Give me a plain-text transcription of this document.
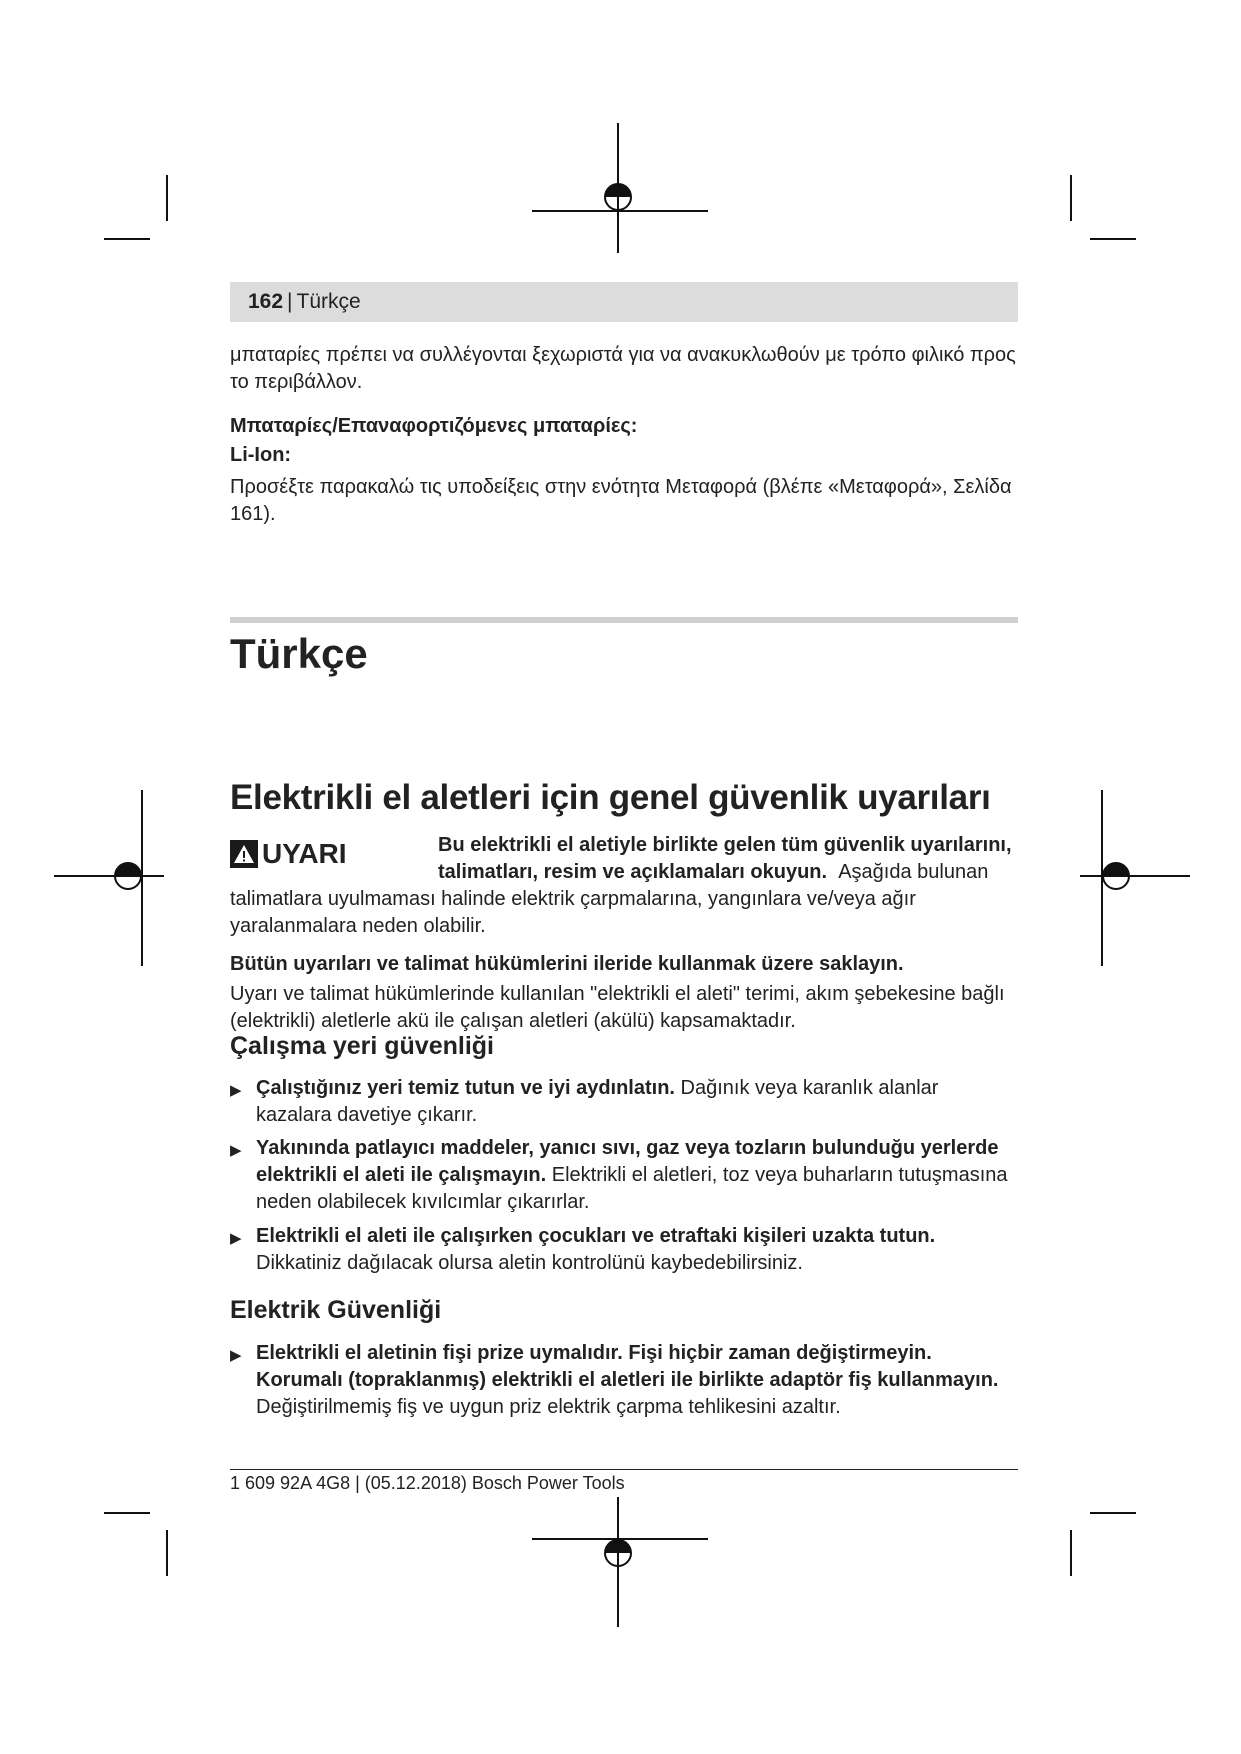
162 | Türkçe

μπαταρίες πρέπει να συλλέγονται ξεχωριστά για να ανακυκλωθούν με τρόπο φιλικό προς το περιβάλλον.

Μπαταρίες/Επαναφορτιζόμενες μπαταρίες:

Li-Ion:

Προσέξτε παρακαλώ τις υποδείξεις στην ενότητα Μεταφορά (βλέπε «Μεταφορά», Σελίδα 161).

Türkçe
Elektrikli el aletleri için genel güvenlik uyarıları
UYARI	Bu elektrikli el aletiyle birlikte gelen tüm güvenlik uyarılarını,

talimatları, resim ve açıklamaları okuyun. Aşağıda bulunan

talimatlara uyulmaması halinde elektrik çarpmalarına, yangınlara ve/veya ağır yaralanmalara neden olabilir.

Bütün uyarıları ve talimat hükümlerini ileride kullanmak üzere saklayın.

Uyarı ve talimat hükümlerinde kullanılan "elektrikli el aleti" terimi, akım şebekesine bağlı (elektrikli) aletlerle akü ile çalışan aletleri (akülü) kapsamaktadır.

Çalışma yeri güvenliği
▶ Çalıştığınız yeri temiz tutun ve iyi aydınlatın. Dağınık veya karanlık alanlar kazalara davetiye çıkarır.

▶ Yakınında patlayıcı maddeler, yanıcı sıvı, gaz veya tozların bulunduğu yerlerde elektrikli el aleti ile çalışmayın. Elektrikli el aletleri, toz veya buharların tutuşmasına neden olabilecek kıvılcımlar çıkarırlar.

▶ Elektrikli el aleti ile çalışırken çocukları ve etraftaki kişileri uzakta tutun. Dikkatiniz dağılacak olursa aletin kontrolünü kaybedebilirsiniz.

Elektrik Güvenliği
▶ Elektrikli el aletinin fişi prize uymalıdır. Fişi hiçbir zaman değiştirmeyin. Korumalı (topraklanmış) elektrikli el aletleri ile birlikte adaptör fiş kullanmayın. Değiştirilmemiş fiş ve uygun priz elektrik çarpma tehlikesini azaltır.

1 609 92A 4G8 | (05.12.2018) Bosch Power Tools
